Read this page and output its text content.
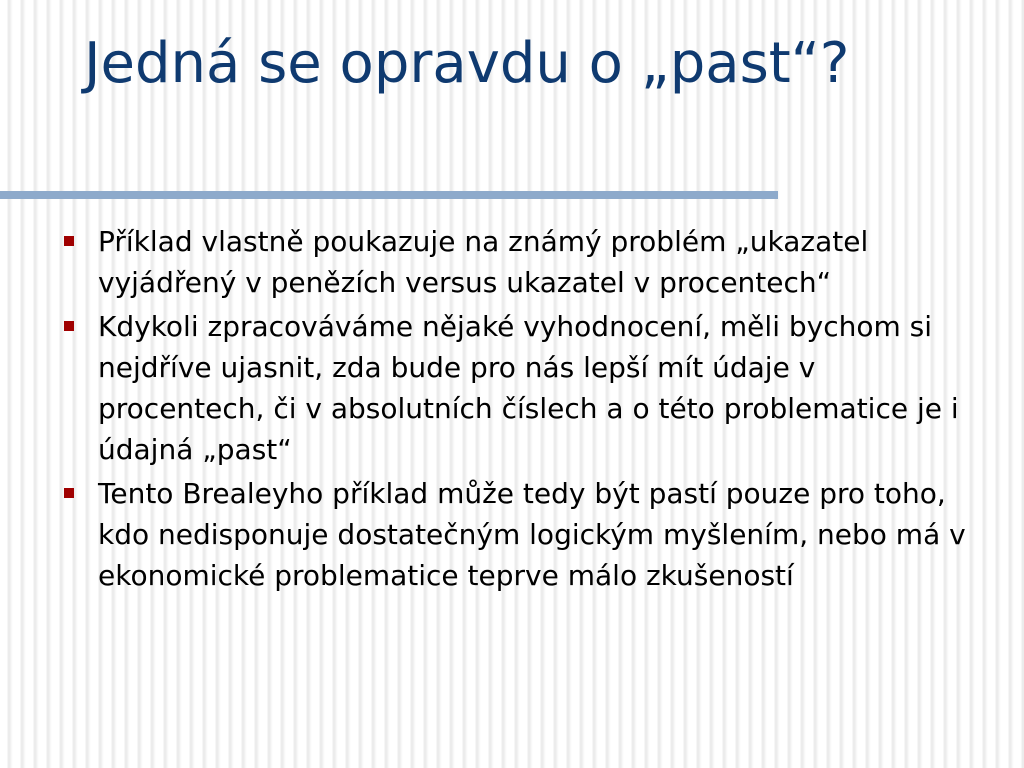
Jedná se opravdu o „past“?
Příklad vlastně poukazuje na známý problém „ukazatel vyjádřený v penězích versus ukazatel v procentech“
Kdykoli zpracováváme nějaké vyhodnocení, měli bychom si nejdříve ujasnit, zda bude pro nás lepší mít údaje v procentech, či v absolutních číslech a o této problematice je i údajná „past“
Tento Brealeyho příklad může tedy být pastí pouze pro toho, kdo nedisponuje dostatečným logickým myšlením, nebo má v ekonomické problematice teprve málo zkušeností
